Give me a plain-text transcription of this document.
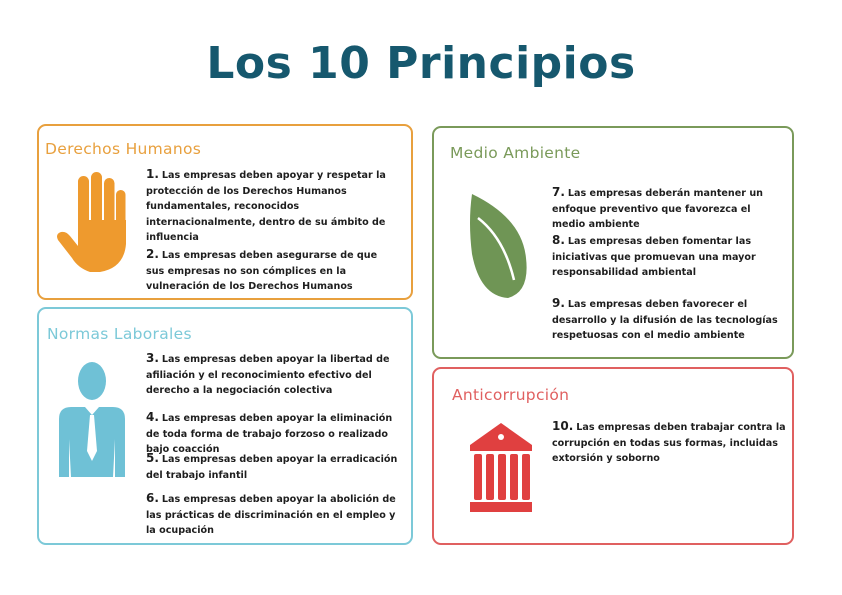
Los 10 Principios
Derechos Humanos
1. Las empresas deben apoyar y respetar la protección de los Derechos Humanos fundamentales, reconocidos internacionalmente, dentro de su ámbito de influencia
2. Las empresas deben asegurarse de que sus empresas no son cómplices en la vulneración de los Derechos Humanos
Normas Laborales
3. Las empresas deben apoyar la libertad de afiliación y el reconocimiento efectivo del derecho a la negociación colectiva
4. Las empresas deben apoyar la eliminación de toda forma de trabajo forzoso o realizado bajo coacción
5. Las empresas deben apoyar la erradicación del trabajo infantil
6. Las empresas deben apoyar la abolición de las prácticas de discriminación en el empleo y la ocupación
Medio Ambiente
7. Las empresas deberán mantener un enfoque preventivo que favorezca el medio ambiente
8. Las empresas deben fomentar las iniciativas que promuevan una mayor responsabilidad ambiental
9. Las empresas deben favorecer el desarrollo y la difusión de las tecnologías respetuosas con el medio ambiente
Anticorrupción
10. Las empresas deben trabajar contra la corrupción en todas sus formas, incluidas extorsión y soborno
